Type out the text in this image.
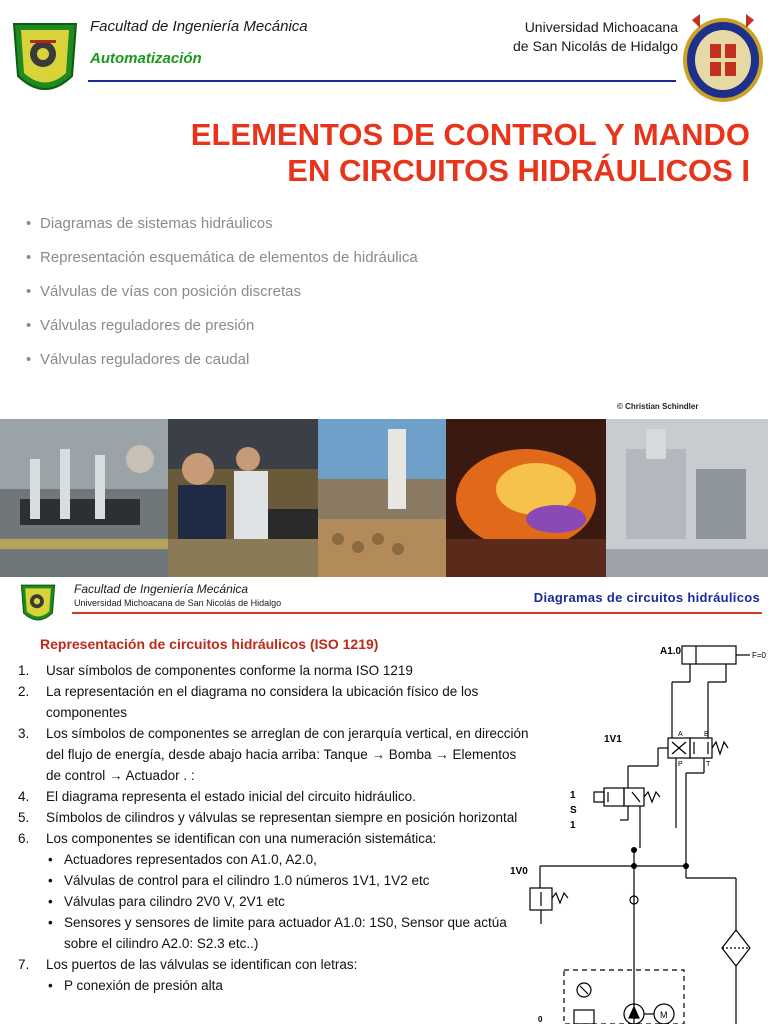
Facultad de Ingeniería Mecánica
Automatización
Universidad Michoacana
de San Nicolás de Hidalgo
ELEMENTOS DE CONTROL Y MANDO
EN CIRCUITOS HIDRÁULICOS I
• Diagramas de sistemas hidráulicos
• Representación esquemática de elementos de hidráulica
• Válvulas de vías con posición discretas
• Válvulas reguladores de presión
• Válvulas reguladores de caudal
© Christian Schindler
Facultad de Ingeniería Mecánica
Universidad Michoacana de San Nicolás de Hidalgo	Diagramas de circuitos hidráulicos
Representación de circuitos hidráulicos (ISO 1219)
1.	Usar símbolos de componentes conforme la norma ISO 1219
2.	La representación en el diagrama no considera la ubicación físico de los componentes
3.	Los símbolos de componentes se arreglan de con jerarquía vertical, en dirección del flujo de energía, desde abajo hacia arriba: Tanque → Bomba → Elementos de control → Actuador . :
4.	El diagrama representa el estado inicial del circuito hidráulico.
5.	Símbolos de cilindros y válvulas se representan siempre en posición horizontal
6.	Los componentes se identifican con una numeración sistemática:
• Actuadores representados con A1.0, A2.0,
• Válvulas de control para el cilindro 1.0 números 1V1, 1V2 etc
• Válvulas para cilindro 2V0 V, 2V1 etc
• Sensores y sensores de limite para actuador A1.0: 1S0, Sensor que actúa sobre el cilindro A2.0: S2.3 etc..)
7.	Los puertos de las válvulas se identifican con letras:
• P conexión de presión alta
A1.0	F=0
1V1
1
S
1
1V0
A	B
P	T
0	M
